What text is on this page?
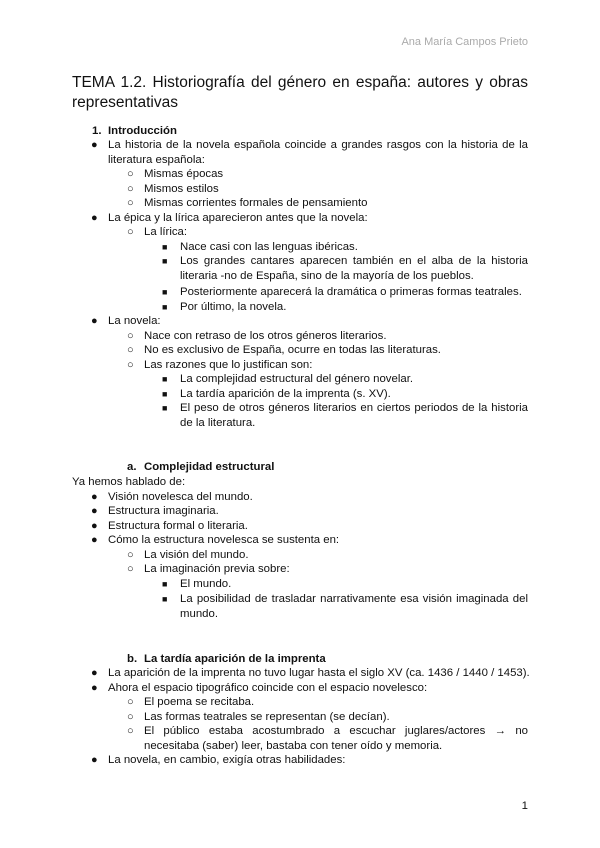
Ana María Campos Prieto
TEMA 1.2. Historiografía del género en españa: autores y obras representativas
1. Introducción
● La historia de la novela española coincide a grandes rasgos con la historia de la literatura española:
○ Mismas épocas
○ Mismos estilos
○ Mismas corrientes formales de pensamiento
● La épica y la lírica aparecieron antes que la novela:
○ La lírica:
■ Nace casi con las lenguas ibéricas.
■ Los grandes cantares aparecen también en el alba de la historia literaria -no de España, sino de la mayoría de los pueblos.
■ Posteriormente aparecerá la dramática o primeras formas teatrales.
■ Por último, la novela.
● La novela:
○ Nace con retraso de los otros géneros literarios.
○ No es exclusivo de España, ocurre en todas las literaturas.
○ Las razones que lo justifican son:
■ La complejidad estructural del género novelar.
■ La tardía aparición de la imprenta (s. XV).
■ El peso de otros géneros literarios en ciertos periodos de la historia de la literatura.
a. Complejidad estructural
Ya hemos hablado de:
● Visión novelesca del mundo.
● Estructura imaginaria.
● Estructura formal o literaria.
● Cómo la estructura novelesca se sustenta en:
○ La visión del mundo.
○ La imaginación previa sobre:
■ El mundo.
■ La posibilidad de trasladar narrativamente esa visión imaginada del mundo.
b. La tardía aparición de la imprenta
● La aparición de la imprenta no tuvo lugar hasta el siglo XV (ca. 1436 / 1440 / 1453).
● Ahora el espacio tipográfico coincide con el espacio novelesco:
○ El poema se recitaba.
○ Las formas teatrales se representan (se decían).
○ El público estaba acostumbrado a escuchar juglares/actores → no necesitaba (saber) leer, bastaba con tener oído y memoria.
● La novela, en cambio, exigía otras habilidades:
1
